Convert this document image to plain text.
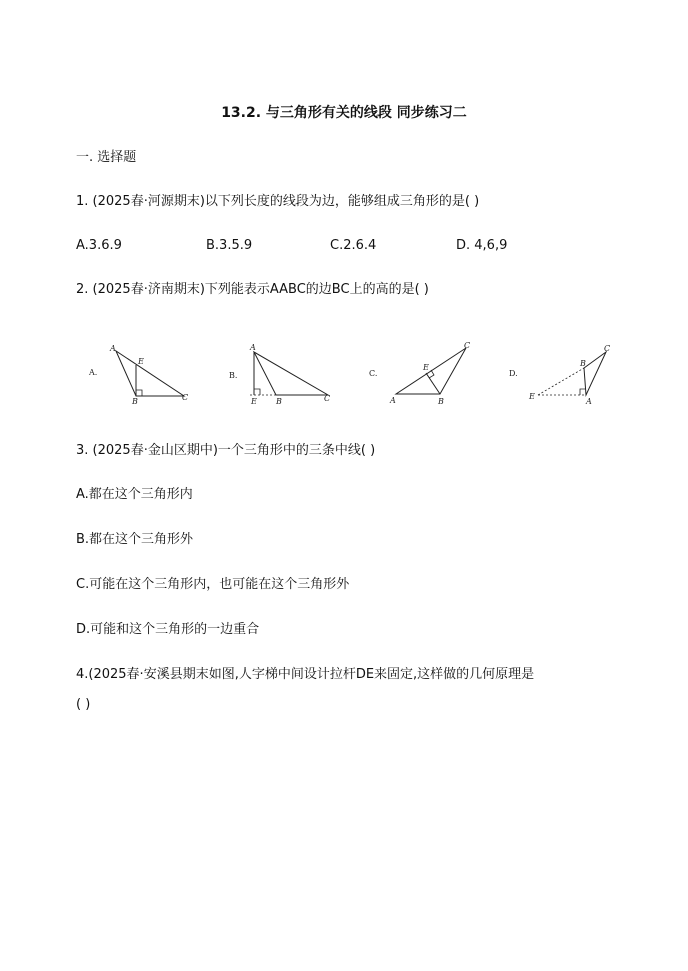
13.2. 与三角形有关的线段 同步练习二
一. 选择题
1. (2025春·河源期末)以下列长度的线段为边，能够组成三角形的是( )
A.3.6.9	B.3.5.9	C.2.6.4	D. 4,6,9
2. (2025春·济南期末)下列能表示AABC的边BC上的高的是( )
A.
A
E
B	C
B.
A
E B	C
C.
C
E
A	B
D.
B
C
E
A
3. (2025春·金山区期中)一个三角形中的三条中线( )
A.都在这个三角形内
B.都在这个三角形外
C.可能在这个三角形内，也可能在这个三角形外
D.可能和这个三角形的一边重合
4.(2025春·安溪县期末如图,人字梯中间设计拉杆DE来固定,这样做的几何原理是
( )
